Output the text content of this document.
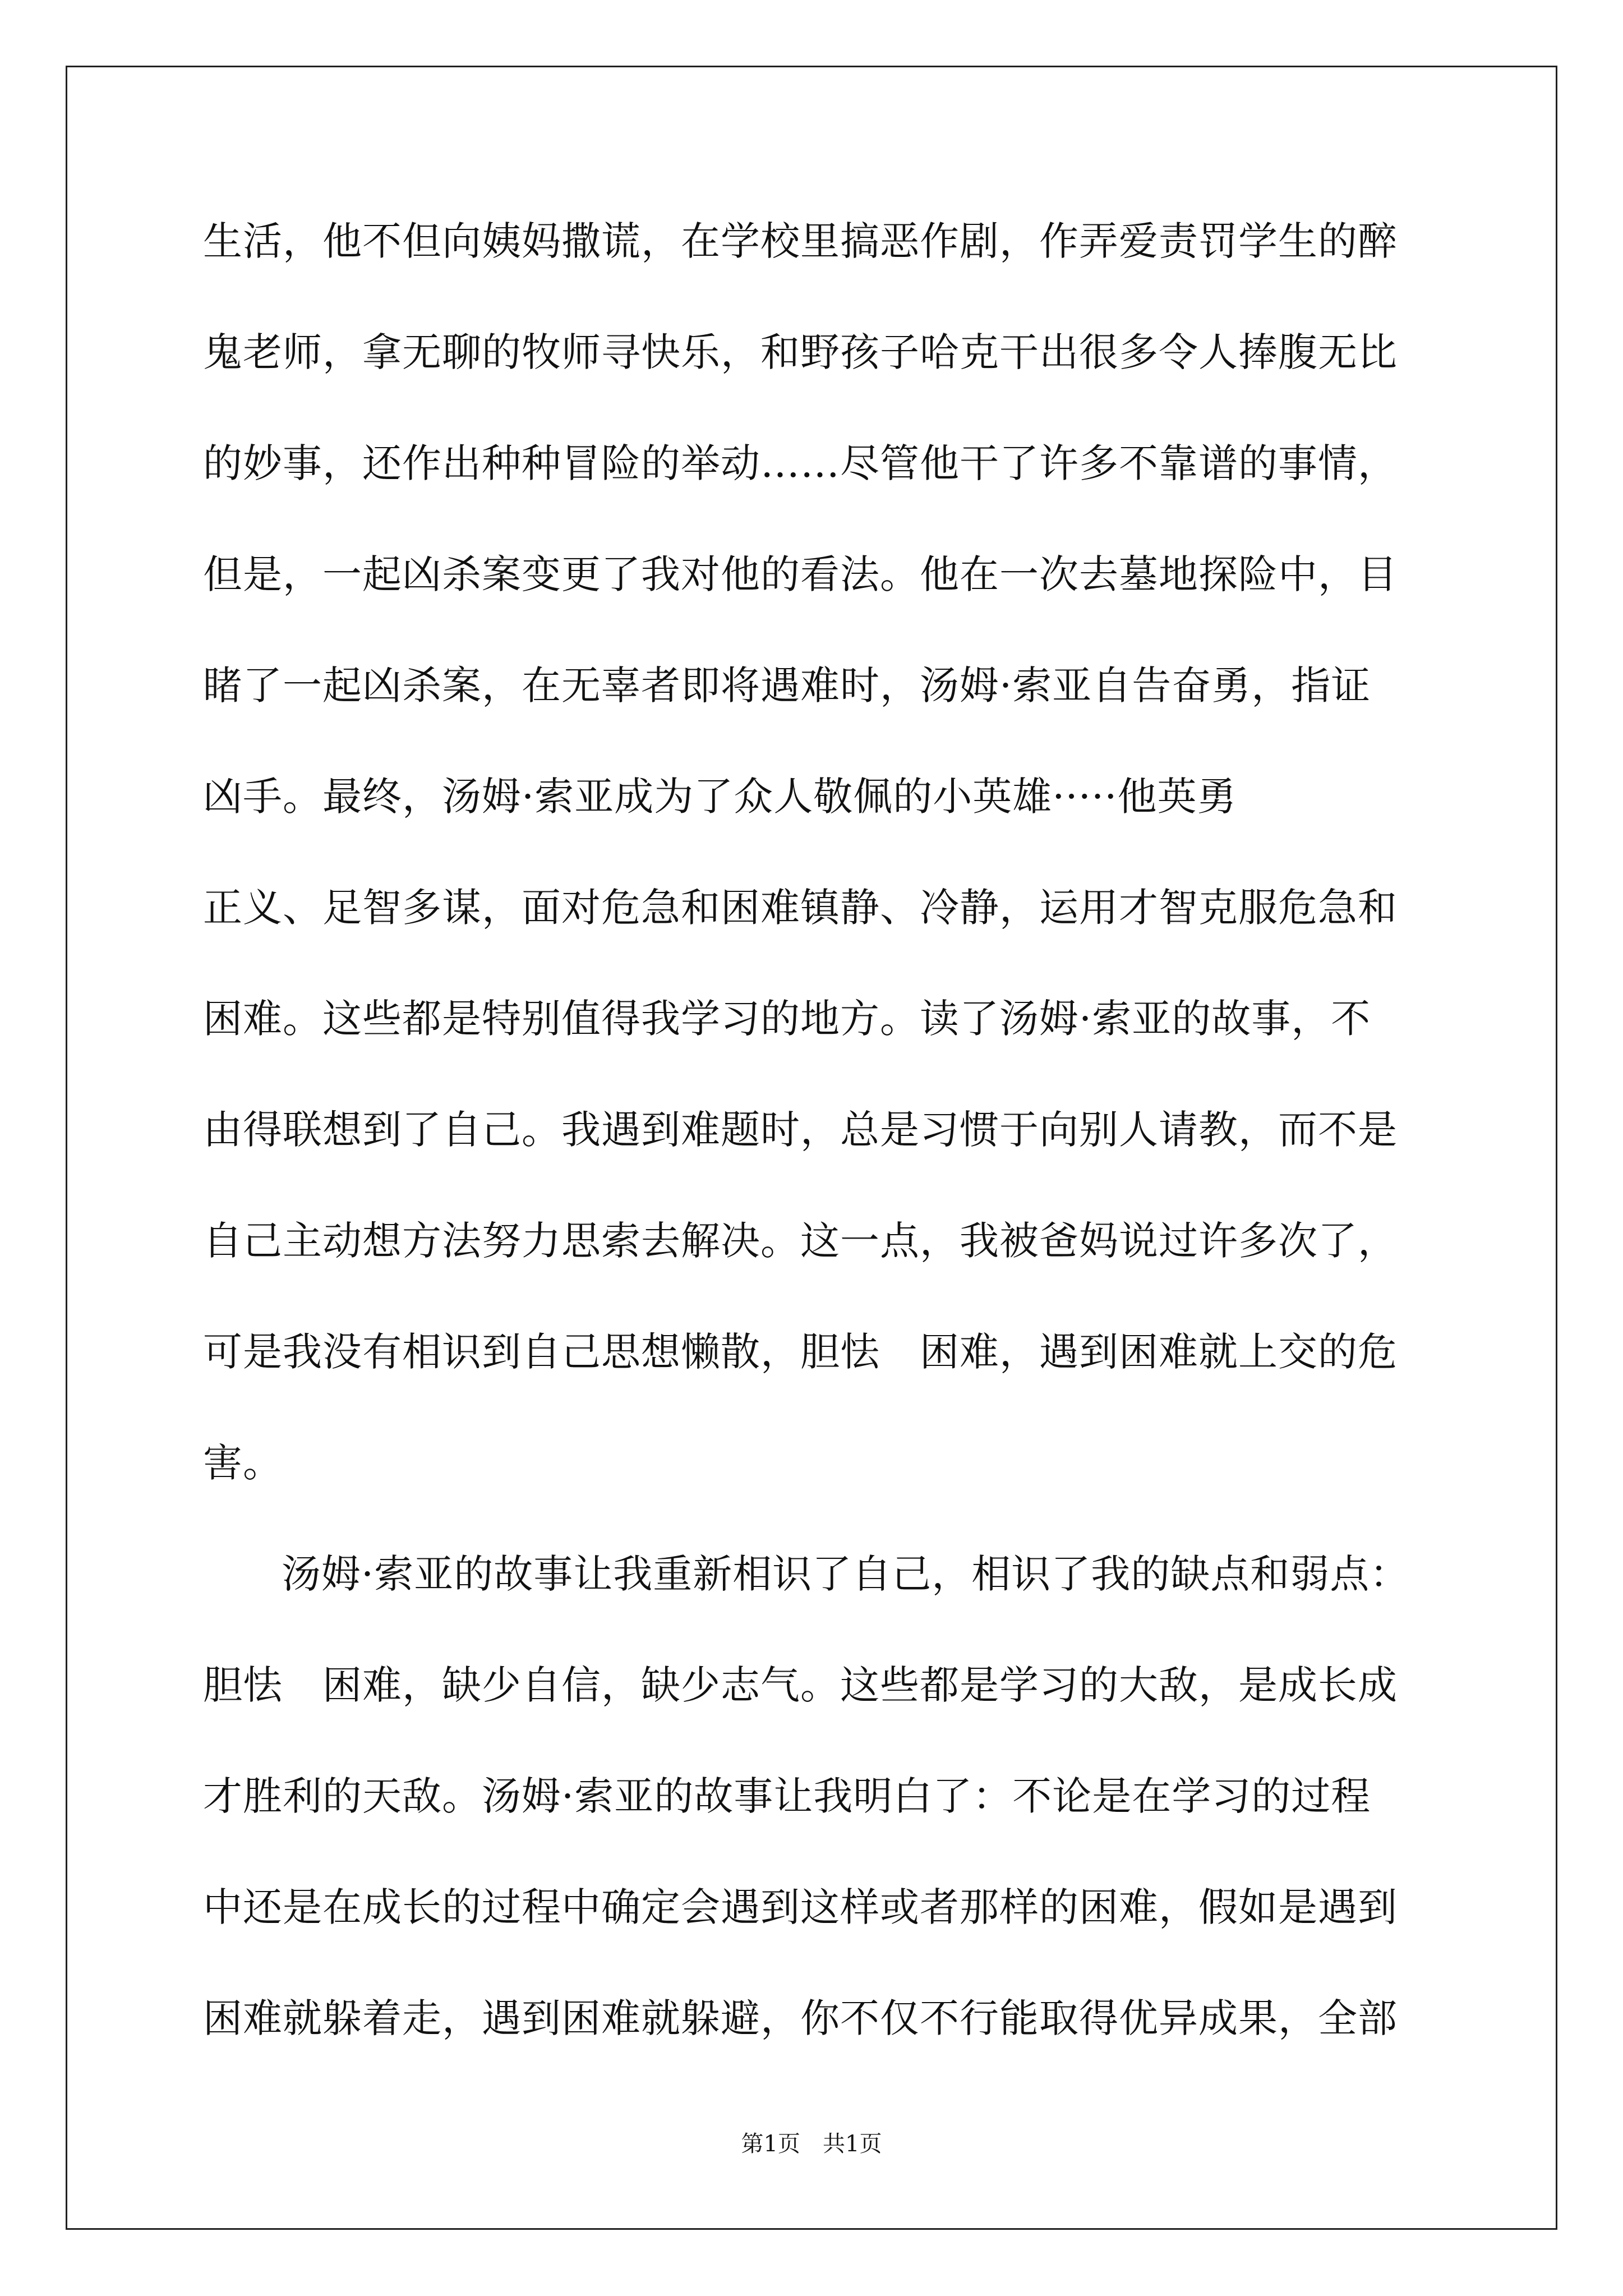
生活，他不但向姨妈撒谎，在学校里搞恶作剧，作弄爱责罚学生的醉
鬼老师，拿无聊的牧师寻快乐，和野孩子哈克干出很多令人捧腹无比
的妙事，还作出种种冒险的举动……尽管他干了许多不靠谱的事情，
但是，一起凶杀案变更了我对他的看法。他在一次去墓地探险中，目
睹了一起凶杀案，在无辜者即将遇难时，汤姆·索亚自告奋勇，指证
凶手。最终，汤姆·索亚成为了众人敬佩的小英雄·····他英勇
正义、足智多谋，面对危急和困难镇静、冷静，运用才智克服危急和
困难。这些都是特别值得我学习的地方。读了汤姆·索亚的故事，不
由得联想到了自己。我遇到难题时，总是习惯于向别人请教，而不是
自己主动想方法努力思索去解决。这一点，我被爸妈说过许多次了，
可是我没有相识到自己思想懒散，胆怯　困难，遇到困难就上交的危
害。
汤姆·索亚的故事让我重新相识了自己，相识了我的缺点和弱点：
胆怯　困难，缺少自信，缺少志气。这些都是学习的大敌，是成长成
才胜利的天敌。汤姆·索亚的故事让我明白了：不论是在学习的过程
中还是在成长的过程中确定会遇到这样或者那样的困难，假如是遇到
困难就躲着走，遇到困难就躲避，你不仅不行能取得优异成果，全部
第1页　共1页
